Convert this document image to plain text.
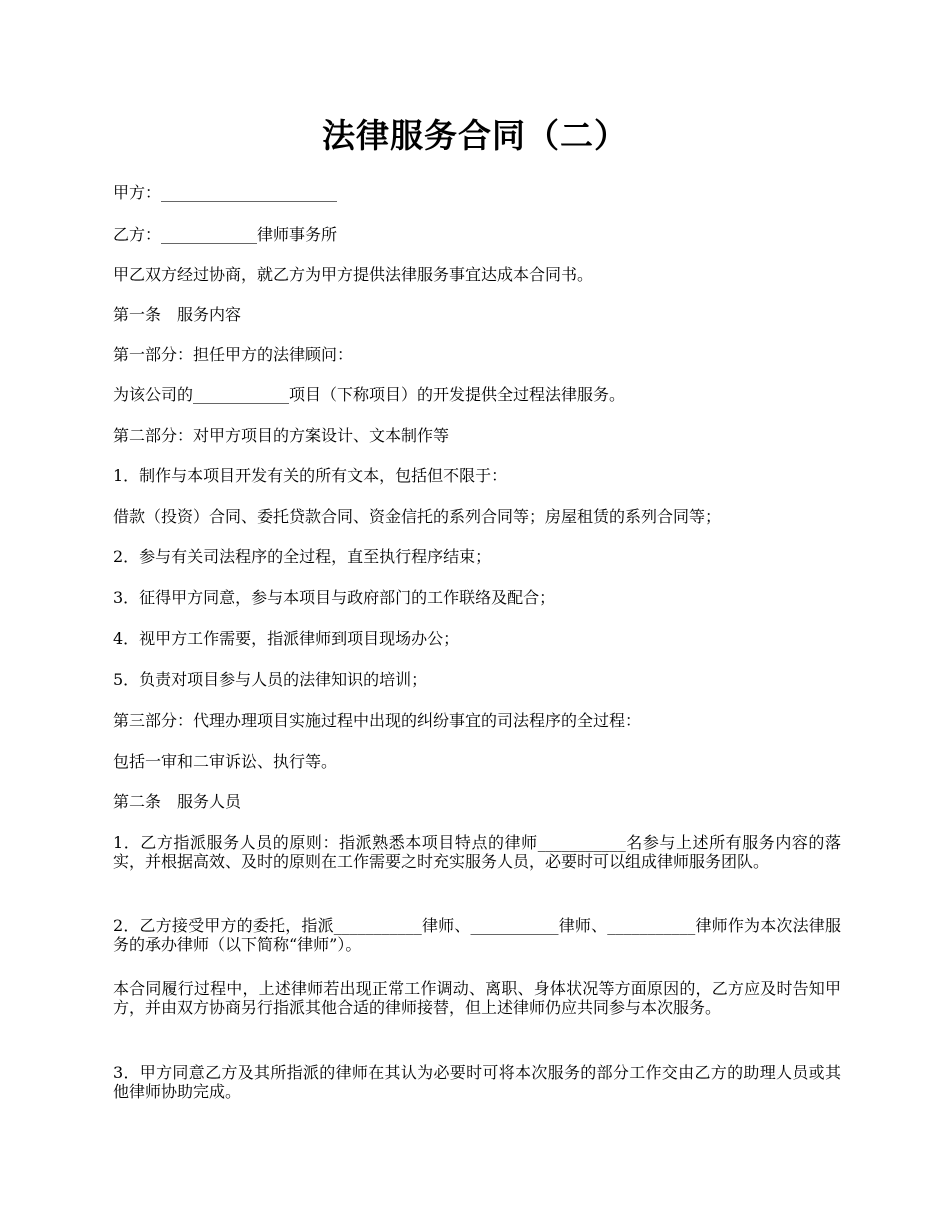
法律服务合同（二）

甲方：______________________

乙方：____________律师事务所

甲乙双方经过协商，就乙方为甲方提供法律服务事宜达成本合同书。

第一条　服务内容

第一部分：担任甲方的法律顾问：

为该公司的____________项目（下称项目）的开发提供全过程法律服务。

第二部分：对甲方项目的方案设计、文本制作等

1．制作与本项目开发有关的所有文本，包括但不限于：

借款（投资）合同、委托贷款合同、资金信托的系列合同等；房屋租赁的系列合同等；

2．参与有关司法程序的全过程，直至执行程序结束；

3．征得甲方同意，参与本项目与政府部门的工作联络及配合；

4．视甲方工作需要，指派律师到项目现场办公；

5．负责对项目参与人员的法律知识的培训；

第三部分：代理办理项目实施过程中出现的纠纷事宜的司法程序的全过程：

包括一审和二审诉讼、执行等。

第二条　服务人员

1．乙方指派服务人员的原则：指派熟悉本项目特点的律师___________名参与上述所有服务内容的落实，并根据高效、及时的原则在工作需要之时充实服务人员，必要时可以组成律师服务团队。

2．乙方接受甲方的委托，指派___________律师、___________律师、___________律师作为本次法律服务的承办律师（以下简称“律师”）。

本合同履行过程中，上述律师若出现正常工作调动、离职、身体状况等方面原因的，乙方应及时告知甲方，并由双方协商另行指派其他合适的律师接替，但上述律师仍应共同参与本次服务。

3．甲方同意乙方及其所指派的律师在其认为必要时可将本次服务的部分工作交由乙方的助理人员或其他律师协助完成。
